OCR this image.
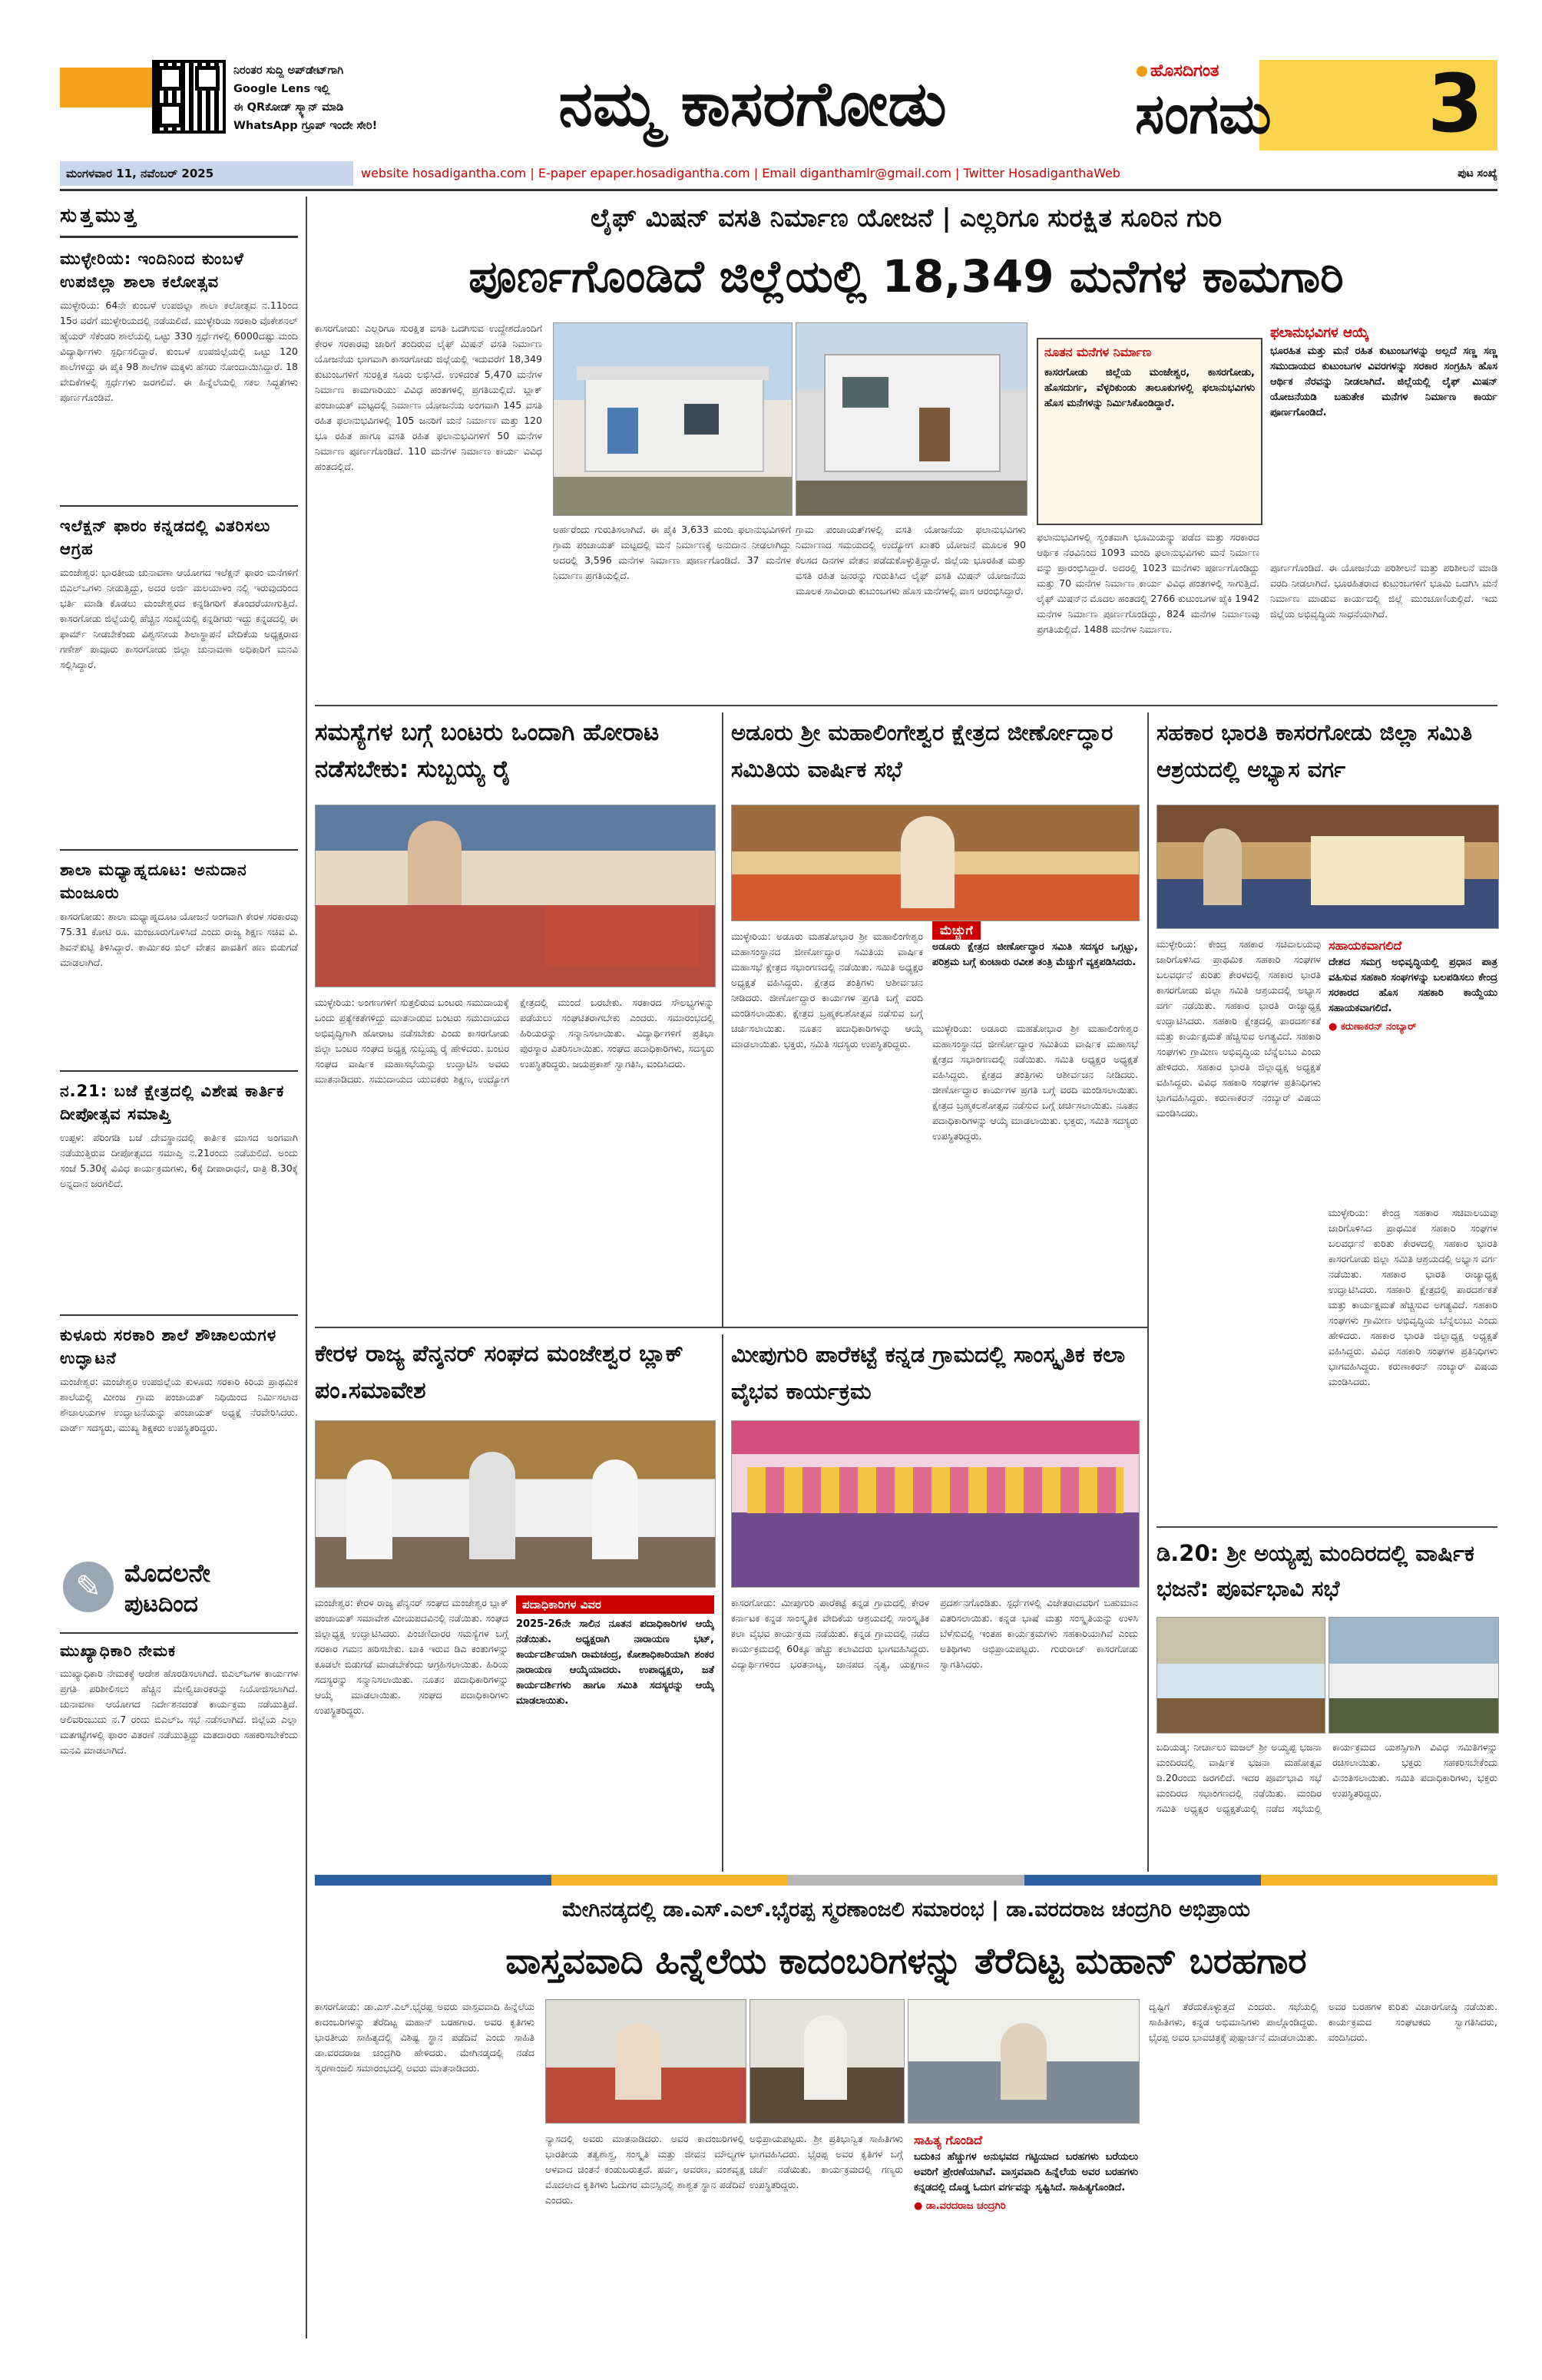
ನಿರಂತರ ಸುದ್ದಿ ಅಪ್‌ಡೇಟ್‌ಗಾಗಿ
Google Lens ಇಲ್ಲಿ
ಈ QRಕೋಡ್ ಸ್ಕ್ಯಾನ್ ಮಾಡಿ
WhatsApp ಗ್ರೂಪ್ ಇಂದೇ ಸೇರಿ!	ನಮ್ಮ ಕಾಸರಗೋಡು	ಹೊಸದಿಗಂತ
ಸಂಗಮ	3
ಮಂಗಳವಾರ 11, ನವೆಂಬರ್ 2025	website hosadigantha.com | E-paper epaper.hosadigantha.com | Email diganthamlr@gmail.com | Twitter HosadiganthaWeb	ಪುಟ ಸಂಖ್ಯೆ
ಸುತ್ತಮುತ್ತ
ಮುಳ್ಳೇರಿಯ: ಇಂದಿನಿಂದ ಕುಂಬಳೆ ಉಪಜಿಲ್ಲಾ ಶಾಲಾ ಕಲೋತ್ಸವ
ಮುಳ್ಳೇರಿಯ: 64ನೇ ಕುಂಬಳೆ ಉಪಜಿಲ್ಲಾ ಶಾಲಾ ಕಲೋತ್ಸವ ನ.11ರಿಂದ 15ರ ವರೆಗೆ ಮುಳ್ಳೇರಿಯದಲ್ಲಿ ನಡೆಯಲಿದೆ. ಮುಳ್ಳೇರಿಯ ಸರಕಾರಿ ವೊಕೇಶನಲ್ ಹೈಯರ್ ಸೆಕೆಂಡರಿ ಶಾಲೆಯಲ್ಲಿ ಒಟ್ಟು 330 ಸ್ಪರ್ಧೆಗಳಲ್ಲಿ 6000ದಷ್ಟು ಮಂದಿ ವಿದ್ಯಾರ್ಥಿಗಳು ಸ್ಪರ್ಧಿಸಲಿದ್ದಾರೆ. ಕುಂಬಳೆ ಉಪಜಿಲ್ಲೆಯಲ್ಲಿ ಒಟ್ಟು 120 ಶಾಲೆಗಳಿದ್ದು ಈ ಪೈಕಿ 98 ಶಾಲೆಗಳ ಮಕ್ಕಳು ಹೆಸರು ನೋಂದಾಯಿಸಿದ್ದಾರೆ. 18 ವೇದಿಕೆಗಳಲ್ಲಿ ಸ್ಪರ್ಧೆಗಳು ಜರಗಲಿವೆ. ಈ ಹಿನ್ನೆಲೆಯಲ್ಲಿ ಸಕಲ ಸಿದ್ಧತೆಗಳು ಪೂರ್ಣಗೊಂಡಿವೆ.
ಇಲೆಕ್ಷನ್ ಫಾರಂ ಕನ್ನಡದಲ್ಲಿ ವಿತರಿಸಲು ಆಗ್ರಹ
ಮಂಜೇಶ್ವರ: ಭಾರತೀಯ ಚುನಾವಣಾ ಆಯೋಗದ ಇಲೆಕ್ಷನ್ ಫಾರಂ ಮನೆಗಳಿಗೆ ಬಿಎಲ್‌ಒಗಳು ನೀಡುತ್ತಿದ್ದು, ಅದರ ಅರ್ಜಿ ಮಲಯಾಳಂ ನಲ್ಲಿ ಇರುವುದರಿಂದ ಭರ್ತಿ ಮಾಡಿ ಕೊಡಲು ಮಂಜೇಶ್ವರದ ಕನ್ನಡಿಗರಿಗೆ ತೊಂದರೆಯಾಗುತ್ತಿದೆ. ಕಾಸರಗೋಡು ಜಿಲ್ಲೆಯಲ್ಲಿ ಹೆಚ್ಚಿನ ಸಂಖ್ಯೆಯಲ್ಲಿ ಕನ್ನಡಿಗರು ಇದ್ದು ಕನ್ನಡದಲ್ಲಿ ಈ ಫಾರ್ಮ್ ನೀಡಬೇಕೆಂದು ವಿಶ್ವಸನೀಯ ಶಿಲಾಸ್ಥಾಪನೆ ವೇದಿಕೆಯ ಅಧ್ಯಕ್ಷರಾದ ಗಣೇಶ್ ಪಾವೂರು ಕಾಸರಗೋಡು ಜಿಲ್ಲಾ ಚುನಾವಣಾ ಅಧಿಕಾರಿಗೆ ಮನವಿ ಸಲ್ಲಿಸಿದ್ದಾರೆ.
ಶಾಲಾ ಮಧ್ಯಾಹ್ನದೂಟ: ಅನುದಾನ ಮಂಜೂರು
ಕಾಸರಗೋಡು: ಶಾಲಾ ಮಧ್ಯಾಹ್ನದೂಟ ಯೋಜನೆ ಅಂಗವಾಗಿ ಕೇರಳ ಸರಕಾರವು 75.31 ಕೋಟಿ ರೂ. ಮಂಜೂರುಗೊಳಿಸಿದೆ ಎಂದು ರಾಜ್ಯ ಶಿಕ್ಷಣ ಸಚಿವ ವಿ. ಶಿವನ್‌ಕುಟ್ಟಿ ತಿಳಿಸಿದ್ದಾರೆ. ಕಾರ್ಮಿಕರ ಬಿಲ್ ವೇತನ ಪಾವತಿಗೆ ಹಣ ಬಿಡುಗಡೆ ಮಾಡಲಾಗಿದೆ.
ನ.21: ಬಜೆ ಕ್ಷೇತ್ರದಲ್ಲಿ ವಿಶೇಷ ಕಾರ್ತಿಕ ದೀಪೋತ್ಸವ ಸಮಾಪ್ತಿ
ಉಪ್ಪಳ: ಪೆರಿಂಗಡಿ ಬಜೆ ದೇವಸ್ಥಾನದಲ್ಲಿ ಕಾರ್ತಿಕ ಮಾಸದ ಅಂಗವಾಗಿ ನಡೆಯುತ್ತಿರುವ ದೀಪೋತ್ಸವದ ಸಮಾಪ್ತಿ ನ.21ರಂದು ನಡೆಯಲಿದೆ. ಅಂದು ಸಂಜೆ 5.30ಕ್ಕೆ ವಿವಿಧ ಕಾರ್ಯಕ್ರಮಗಳು, 6ಕ್ಕೆ ದೀಪಾರಾಧನೆ, ರಾತ್ರಿ 8.30ಕ್ಕೆ ಅನ್ನದಾನ ಜರಗಲಿದೆ.
ಕುಳೂರು ಸರಕಾರಿ ಶಾಲೆ ಶೌಚಾಲಯಗಳ ಉದ್ಘಾಟನೆ
ಮಂಜೇಶ್ವರ: ಮಂಜೇಶ್ವರ ಉಪಜಿಲ್ಲೆಯ ಕುಳೂರು ಸರಕಾರಿ ಕಿರಿಯ ಪ್ರಾಥಮಿಕ ಶಾಲೆಯಲ್ಲಿ ಮೀಂಜ ಗ್ರಾಮ ಪಂಚಾಯತ್ ನಿಧಿಯಿಂದ ನಿರ್ಮಿಸಲಾದ ಶೌಚಾಲಯಗಳ ಉದ್ಘಾಟನೆಯನ್ನು ಪಂಚಾಯತ್ ಅಧ್ಯಕ್ಷೆ ನೆರವೇರಿಸಿದರು. ವಾರ್ಡ್ ಸದಸ್ಯರು, ಮುಖ್ಯ ಶಿಕ್ಷಕರು ಉಪಸ್ಥಿತರಿದ್ದರು.
✎ ಮೊದಲನೇ
ಪುಟದಿಂದ
ಮುಖ್ಯಾಧಿಕಾರಿ ನೇಮಕ
ಮುಖ್ಯಾಧಿಕಾರಿ ನೇಮಕಕ್ಕೆ ಆದೇಶ ಹೊರಡಿಸಲಾಗಿದೆ. ಬಿಎಲ್‌ಒಗಳ ಕಾರ್ಯಗಳ ಪ್ರಗತಿ ಪರಿಶೀಲಿಸಲು ಹೆಚ್ಚಿನ ಮೇಲ್ವಿಚಾರಕರನ್ನು ನಿಯೋಜಿಸಲಾಗಿದೆ. ಚುನಾವಣಾ ಆಯೋಗದ ನಿರ್ದೇಶನದಂತೆ ಕಾರ್ಯಕ್ರಮ ನಡೆಯುತ್ತಿದೆ. ಆಲಿವರಿಂಬುದು ನ.7 ರಂದು ಬಿಎಲ್‌ಒ ಸಭೆ ನಡೆಸಲಾಗಿದೆ. ಜಿಲ್ಲೆಯ ಎಲ್ಲಾ ಮತಗಟ್ಟೆಗಳಲ್ಲಿ ಫಾರಂ ವಿತರಣೆ ನಡೆಯುತ್ತಿದ್ದು ಮತದಾರರು ಸಹಕರಿಸಬೇಕೆಂದು ಮನವಿ ಮಾಡಲಾಗಿದೆ.
ಲೈಫ್ ಮಿಷನ್ ವಸತಿ ನಿರ್ಮಾಣ ಯೋಜನೆ | ಎಲ್ಲರಿಗೂ ಸುರಕ್ಷಿತ ಸೂರಿನ ಗುರಿ
ಪೂರ್ಣಗೊಂಡಿದೆ ಜಿಲ್ಲೆಯಲ್ಲಿ 18,349 ಮನೆಗಳ ಕಾಮಗಾರಿ
ಕಾಸರಗೋಡು: ಎಲ್ಲರಿಗೂ ಸುರಕ್ಷಿತ ವಸತಿ ಒದಗಿಸುವ ಉದ್ದೇಶದೊಂದಿಗೆ ಕೇರಳ ಸರಕಾರವು ಜಾರಿಗೆ ತಂದಿರುವ ಲೈಫ್ ಮಿಷನ್ ವಸತಿ ನಿರ್ಮಾಣ ಯೋಜನೆಯ ಭಾಗವಾಗಿ ಕಾಸರಗೋಡು ಜಿಲ್ಲೆಯಲ್ಲಿ ಇದುವರೆಗೆ 18,349 ಕುಟುಂಬಗಳಿಗೆ ಸುರಕ್ಷಿತ ಸೂರು ಲಭಿಸಿದೆ. ಉಳಿದಂತೆ 5,470 ಮನೆಗಳ ನಿರ್ಮಾಣ ಕಾಮಗಾರಿಯು ವಿವಿಧ ಹಂತಗಳಲ್ಲಿ ಪ್ರಗತಿಯಲ್ಲಿದೆ. ಬ್ಲಾಕ್ ಪಂಚಾಯತ್ ಮಟ್ಟದಲ್ಲಿ ನಿರ್ಮಾಣ ಯೋಜನೆಯ ಅಂಗವಾಗಿ 145 ವಸತಿ ರಹಿತ ಫಲಾನುಭವಿಗಳಲ್ಲಿ 105 ಜನರಿಗೆ ಮನೆ ನಿರ್ಮಾಣ ಮತ್ತು 120 ಭೂ ರಹಿತ ಹಾಗೂ ವಸತಿ ರಹಿತ ಫಲಾನುಭವಿಗಳಿಗೆ 50 ಮನೆಗಳ ನಿರ್ಮಾಣ ಪೂರ್ಣಗೊಂಡಿದೆ. 110 ಮನೆಗಳ ನಿರ್ಮಾಣ ಕಾರ್ಯ ವಿವಿಧ ಹಂತದಲ್ಲಿದೆ.
ಅರ್ಹರೆಂದು ಗುರುತಿಸಲಾಗಿದೆ. ಈ ಪೈಕಿ 3,633 ಮಂದಿ ಫಲಾನುಭವಿಗಳಿಗೆ ಗ್ರಾಮ ಪಂಚಾಯತ್ ಮಟ್ಟದಲ್ಲಿ ಮನೆ ನಿರ್ಮಾಣಕ್ಕೆ ಅನುದಾನ ನೀಡಲಾಗಿದ್ದು ಅದರಲ್ಲಿ 3,596 ಮನೆಗಳ ನಿರ್ಮಾಣ ಪೂರ್ಣಗೊಂಡಿದೆ. 37 ಮನೆಗಳ ನಿರ್ಮಾಣ ಪ್ರಗತಿಯಲ್ಲಿದೆ.
ಗ್ರಾಮ ಪಂಚಾಯತ್‌ಗಳಲ್ಲಿ ವಸತಿ ಯೋಜನೆಯ ಫಲಾನುಭವಿಗಳು ನಿರ್ಮಾಣದ ಸಮಯದಲ್ಲಿ ಉದ್ಯೋಗ ಖಾತರಿ ಯೋಜನೆ ಮೂಲಕ 90 ಕೆಲಸದ ದಿನಗಳ ವೇತನ ಪಡೆದುಕೊಳ್ಳುತ್ತಿದ್ದಾರೆ. ಜಿಲ್ಲೆಯ ಭೂರಹಿತ ಮತ್ತು ವಸತಿ ರಹಿತ ಜನರನ್ನು ಗುರುತಿಸಿದ ಲೈಫ್ ವಸತಿ ಮಿಷನ್ ಯೋಜನೆಯ ಮೂಲಕ ಸಾವಿರಾರು ಕುಟುಂಬಗಳು ಹೊಸ ಮನೆಗಳಲ್ಲಿ ವಾಸ ಆರಂಭಿಸಿದ್ದಾರೆ.
ನೂತನ ಮನೆಗಳ ನಿರ್ಮಾಣ
ಕಾಸರಗೋಡು ಜಿಲ್ಲೆಯ ಮಂಜೇಶ್ವರ, ಕಾಸರಗೋಡು, ಹೊಸದುರ್ಗ, ವೆಳ್ಳರಿಕುಂಡು ತಾಲೂಕುಗಳಲ್ಲಿ ಫಲಾನುಭವಿಗಳು ಹೊಸ ಮನೆಗಳನ್ನು ನಿರ್ಮಿಸಿಕೊಂಡಿದ್ದಾರೆ.
ಫಲಾನುಭವಿಗಳಲ್ಲಿ ಸ್ವಂತವಾಗಿ ಭೂಮಿಯನ್ನು ಪಡೆದ ಮತ್ತು ಸರಕಾರದ ಆರ್ಥಿಕ ನೆರವಿನಿಂದ 1093 ಮಂದಿ ಫಲಾನುಭವಿಗಳು ಮನೆ ನಿರ್ಮಾಣ ವನ್ನು ಪ್ರಾರಂಭಿಸಿದ್ದಾರೆ. ಅದರಲ್ಲಿ 1023 ಮನೆಗಳು ಪೂರ್ಣಗೊಂಡಿದ್ದು ಮತ್ತು 70 ಮನೆಗಳ ನಿರ್ಮಾಣ ಕಾರ್ಯ ವಿವಿಧ ಹಂತಗಳಲ್ಲಿ ಸಾಗುತ್ತಿದೆ. ಲೈಫ್ ಮಿಷನ್‌ನ ಮೊದಲ ಹಂತದಲ್ಲಿ 2766 ಕುಟುಂಬಗಳ ಪೈಕಿ 1942 ಮನೆಗಳ ನಿರ್ಮಾಣ ಪೂರ್ಣಗೊಂಡಿದ್ದು, 824 ಮನೆಗಳ ನಿರ್ಮಾಣವು ಪ್ರಗತಿಯಲ್ಲಿದೆ. 1488 ಮನೆಗಳ ನಿರ್ಮಾಣ.
ಫಲಾನುಭವಿಗಳ ಆಯ್ಕೆ
ಭೂರಹಿತ ಮತ್ತು ಮನೆ ರಹಿತ ಕುಟುಂಬಗಳನ್ನು ಅಲ್ಲದೆ ಸಣ್ಣ ಸಣ್ಣ ಸಮುದಾಯದ ಕುಟುಂಬಗಳ ವಿವರಗಳನ್ನು ಸರಕಾರ ಸಂಗ್ರಹಿಸಿ ಹೊಸ ಆರ್ಥಿಕ ನೆರವನ್ನು ನೀಡಲಾಗಿದೆ. ಜಿಲ್ಲೆಯಲ್ಲಿ ಲೈಫ್ ಮಿಷನ್ ಯೋಜನೆಯಡಿ ಬಹುತೇಕ ಮನೆಗಳ ನಿರ್ಮಾಣ ಕಾರ್ಯ ಪೂರ್ಣಗೊಂಡಿದೆ.
ಪೂರ್ಣಗೊಂಡಿದೆ. ಈ ಯೋಜನೆಯ ಪರಿಶೀಲನೆ ಮತ್ತು ಪರಿಶೀಲನೆ ಮಾಡಿ ವರದಿ ನೀಡಲಾಗಿದೆ. ಭೂರಹಿತರಾದ ಕುಟುಂಬಗಳಿಗೆ ಭೂಮಿ ಒದಗಿಸಿ ಮನೆ ನಿರ್ಮಾಣ ಮಾಡುವ ಕಾರ್ಯದಲ್ಲಿ ಜಿಲ್ಲೆ ಮುಂಚೂಣಿಯಲ್ಲಿದೆ. ಇದು ಜಿಲ್ಲೆಯ ಅಭಿವೃದ್ಧಿಯ ಸಾಧನೆಯಾಗಿದೆ.
ಸಮಸ್ಯೆಗಳ ಬಗ್ಗೆ ಬಂಟರು ಒಂದಾಗಿ ಹೋರಾಟ ನಡೆಸಬೇಕು: ಸುಬ್ಬಯ್ಯ ರೈ
ಮುಳ್ಳೇರಿಯ: ಅಂಗಣಗಳಿಗೆ ಸುತ್ತಲಿರುವ ಬಂಟರು ಸಮುದಾಯಕ್ಕೆ ಒಂದು ಪ್ರತ್ಯೇಕತೆಗಳಿದ್ದು ಮಾತನಾಡುವ ಬಂಟರು ಸಮುದಾಯದ ಅಭಿವೃದ್ಧಿಗಾಗಿ ಹೋರಾಟ ನಡೆಸಬೇಕು ಎಂದು ಕಾಸರಗೋಡು ಜಿಲ್ಲಾ ಬಂಟರ ಸಂಘದ ಅಧ್ಯಕ್ಷ ಸುಬ್ಬಯ್ಯ ರೈ ಹೇಳಿದರು. ಬಂಟರ ಸಂಘದ ವಾರ್ಷಿಕ ಮಹಾಸಭೆಯನ್ನು ಉದ್ಘಾಟಿಸಿ ಅವರು ಮಾತನಾಡಿದರು. ಸಮುದಾಯದ ಯುವಕರು ಶಿಕ್ಷಣ, ಉದ್ಯೋಗ ಕ್ಷೇತ್ರದಲ್ಲಿ ಮುಂದೆ ಬರಬೇಕು. ಸರಕಾರದ ಸೌಲಭ್ಯಗಳನ್ನು ಪಡೆಯಲು ಸಂಘಟಿತರಾಗಬೇಕು ಎಂದರು. ಸಮಾರಂಭದಲ್ಲಿ ಹಿರಿಯರನ್ನು ಸನ್ಮಾನಿಸಲಾಯಿತು. ವಿದ್ಯಾರ್ಥಿಗಳಿಗೆ ಪ್ರತಿಭಾ ಪುರಸ್ಕಾರ ವಿತರಿಸಲಾಯಿತು. ಸಂಘದ ಪದಾಧಿಕಾರಿಗಳು, ಸದಸ್ಯರು ಉಪಸ್ಥಿತರಿದ್ದರು. ಜಯಪ್ರಕಾಶ್ ಸ್ವಾಗತಿಸಿ, ವಂದಿಸಿದರು.
ಅಡೂರು ಶ್ರೀ ಮಹಾಲಿಂಗೇಶ್ವರ ಕ್ಷೇತ್ರದ ಜೀರ್ಣೋದ್ಧಾರ ಸಮಿತಿಯ ವಾರ್ಷಿಕ ಸಭೆ
ಮುಳ್ಳೇರಿಯ: ಅಡೂರು ಮಹತೋಭಾರ ಶ್ರೀ ಮಹಾಲಿಂಗೇಶ್ವರ ಮಹಾಸಂಸ್ಥಾನದ ಜೀರ್ಣೋದ್ಧಾರ ಸಮಿತಿಯ ವಾರ್ಷಿಕ ಮಹಾಸಭೆ ಕ್ಷೇತ್ರದ ಸಭಾಂಗಣದಲ್ಲಿ ನಡೆಯಿತು. ಸಮಿತಿ ಅಧ್ಯಕ್ಷರ ಅಧ್ಯಕ್ಷತೆ ವಹಿಸಿದ್ದರು. ಕ್ಷೇತ್ರದ ತಂತ್ರಿಗಳು ಆಶೀರ್ವಚನ ನೀಡಿದರು. ಜೀರ್ಣೋದ್ಧಾರ ಕಾರ್ಯಗಳ ಪ್ರಗತಿ ಬಗ್ಗೆ ವರದಿ ಮಂಡಿಸಲಾಯಿತು. ಕ್ಷೇತ್ರದ ಬ್ರಹ್ಮಕಲಶೋತ್ಸವ ನಡೆಸುವ ಬಗ್ಗೆ ಚರ್ಚಿಸಲಾಯಿತು. ನೂತನ ಪದಾಧಿಕಾರಿಗಳನ್ನು ಆಯ್ಕೆ ಮಾಡಲಾಯಿತು. ಭಕ್ತರು, ಸಮಿತಿ ಸದಸ್ಯರು ಉಪಸ್ಥಿತರಿದ್ದರು.
ಮೆಚ್ಚುಗೆ
ಅಡೂರು ಕ್ಷೇತ್ರದ ಜೀರ್ಣೋದ್ಧಾರ ಸಮಿತಿ ಸದಸ್ಯರ ಒಗ್ಗಟ್ಟು, ಪರಿಶ್ರಮ ಬಗ್ಗೆ ಕುಂಟಾರು ರವೀಶ ತಂತ್ರಿ ಮೆಚ್ಚುಗೆ ವ್ಯಕ್ತಪಡಿಸಿದರು.
ಮುಳ್ಳೇರಿಯ: ಅಡೂರು ಮಹತೋಭಾರ ಶ್ರೀ ಮಹಾಲಿಂಗೇಶ್ವರ ಮಹಾಸಂಸ್ಥಾನದ ಜೀರ್ಣೋದ್ಧಾರ ಸಮಿತಿಯ ವಾರ್ಷಿಕ ಮಹಾಸಭೆ ಕ್ಷೇತ್ರದ ಸಭಾಂಗಣದಲ್ಲಿ ನಡೆಯಿತು. ಸಮಿತಿ ಅಧ್ಯಕ್ಷರ ಅಧ್ಯಕ್ಷತೆ ವಹಿಸಿದ್ದರು. ಕ್ಷೇತ್ರದ ತಂತ್ರಿಗಳು ಆಶೀರ್ವಚನ ನೀಡಿದರು. ಜೀರ್ಣೋದ್ಧಾರ ಕಾರ್ಯಗಳ ಪ್ರಗತಿ ಬಗ್ಗೆ ವರದಿ ಮಂಡಿಸಲಾಯಿತು. ಕ್ಷೇತ್ರದ ಬ್ರಹ್ಮಕಲಶೋತ್ಸವ ನಡೆಸುವ ಬಗ್ಗೆ ಚರ್ಚಿಸಲಾಯಿತು. ನೂತನ ಪದಾಧಿಕಾರಿಗಳನ್ನು ಆಯ್ಕೆ ಮಾಡಲಾಯಿತು. ಭಕ್ತರು, ಸಮಿತಿ ಸದಸ್ಯರು ಉಪಸ್ಥಿತರಿದ್ದರು.
ಸಹಕಾರ ಭಾರತಿ ಕಾಸರಗೋಡು ಜಿಲ್ಲಾ ಸಮಿತಿ ಆಶ್ರಯದಲ್ಲಿ ಅಭ್ಯಾಸ ವರ್ಗ
ಮುಳ್ಳೇರಿಯ: ಕೇಂದ್ರ ಸಹಕಾರ ಸಚಿವಾಲಯವು ಜಾರಿಗೊಳಿಸಿದ ಪ್ರಾಥಮಿಕ ಸಹಕಾರಿ ಸಂಘಗಳ ಬಲವರ್ಧನೆ ಕುರಿತು ಕೇರಳದಲ್ಲಿ ಸಹಕಾರ ಭಾರತಿ ಕಾಸರಗೋಡು ಜಿಲ್ಲಾ ಸಮಿತಿ ಆಶ್ರಯದಲ್ಲಿ ಅಭ್ಯಾಸ ವರ್ಗ ನಡೆಯಿತು. ಸಹಕಾರ ಭಾರತಿ ರಾಜ್ಯಾಧ್ಯಕ್ಷ ಉದ್ಘಾಟಿಸಿದರು. ಸಹಕಾರಿ ಕ್ಷೇತ್ರದಲ್ಲಿ ಪಾರದರ್ಶಕತೆ ಮತ್ತು ಕಾರ್ಯಕ್ಷಮತೆ ಹೆಚ್ಚಿಸುವ ಅಗತ್ಯವಿದೆ. ಸಹಕಾರಿ ಸಂಘಗಳು ಗ್ರಾಮೀಣ ಅಭಿವೃದ್ಧಿಯ ಬೆನ್ನೆಲುಬು ಎಂದು ಹೇಳಿದರು. ಸಹಕಾರ ಭಾರತಿ ಜಿಲ್ಲಾಧ್ಯಕ್ಷ ಅಧ್ಯಕ್ಷತೆ ವಹಿಸಿದ್ದರು. ವಿವಿಧ ಸಹಕಾರಿ ಸಂಘಗಳ ಪ್ರತಿನಿಧಿಗಳು ಭಾಗವಹಿಸಿದ್ದರು. ಕರುಣಾಕರನ್ ನಂಬ್ಯಾರ್ ವಿಷಯ ಮಂಡಿಸಿದರು.
ಸಹಾಯಕವಾಗಲಿದೆ
ದೇಶದ ಸಮಗ್ರ ಅಭಿವೃದ್ಧಿಯಲ್ಲಿ ಪ್ರಧಾನ ಪಾತ್ರ ವಹಿಸುವ ಸಹಕಾರಿ ಸಂಘಗಳನ್ನು ಬಲಪಡಿಸಲು ಕೇಂದ್ರ ಸರಕಾರದ ಹೊಸ ಸಹಕಾರಿ ಕಾಯ್ದೆಯು ಸಹಾಯಕವಾಗಲಿದೆ.
● ಕರುಣಾಕರನ್ ನಂಬ್ಯಾರ್
ಮುಳ್ಳೇರಿಯ: ಕೇಂದ್ರ ಸಹಕಾರ ಸಚಿವಾಲಯವು ಜಾರಿಗೊಳಿಸಿದ ಪ್ರಾಥಮಿಕ ಸಹಕಾರಿ ಸಂಘಗಳ ಬಲವರ್ಧನೆ ಕುರಿತು ಕೇರಳದಲ್ಲಿ ಸಹಕಾರ ಭಾರತಿ ಕಾಸರಗೋಡು ಜಿಲ್ಲಾ ಸಮಿತಿ ಆಶ್ರಯದಲ್ಲಿ ಅಭ್ಯಾಸ ವರ್ಗ ನಡೆಯಿತು. ಸಹಕಾರ ಭಾರತಿ ರಾಜ್ಯಾಧ್ಯಕ್ಷ ಉದ್ಘಾಟಿಸಿದರು. ಸಹಕಾರಿ ಕ್ಷೇತ್ರದಲ್ಲಿ ಪಾರದರ್ಶಕತೆ ಮತ್ತು ಕಾರ್ಯಕ್ಷಮತೆ ಹೆಚ್ಚಿಸುವ ಅಗತ್ಯವಿದೆ. ಸಹಕಾರಿ ಸಂಘಗಳು ಗ್ರಾಮೀಣ ಅಭಿವೃದ್ಧಿಯ ಬೆನ್ನೆಲುಬು ಎಂದು ಹೇಳಿದರು. ಸಹಕಾರ ಭಾರತಿ ಜಿಲ್ಲಾಧ್ಯಕ್ಷ ಅಧ್ಯಕ್ಷತೆ ವಹಿಸಿದ್ದರು. ವಿವಿಧ ಸಹಕಾರಿ ಸಂಘಗಳ ಪ್ರತಿನಿಧಿಗಳು ಭಾಗವಹಿಸಿದ್ದರು. ಕರುಣಾಕರನ್ ನಂಬ್ಯಾರ್ ವಿಷಯ ಮಂಡಿಸಿದರು.
ಕೇರಳ ರಾಜ್ಯ ಪೆನ್ಶನರ್ ಸಂಘದ ಮಂಜೇಶ್ವರ ಬ್ಲಾಕ್ ಪಂ.ಸಮಾವೇಶ
ಮಂಜೇಶ್ವರ: ಕೇರಳ ರಾಜ್ಯ ಪೆನ್ಶನರ್ ಸಂಘದ ಮಂಜೇಶ್ವರ ಬ್ಲಾಕ್ ಪಂಚಾಯತ್ ಸಮಾವೇಶ ಮೀಯಪದವಿನಲ್ಲಿ ನಡೆಯಿತು. ಸಂಘದ ಜಿಲ್ಲಾಧ್ಯಕ್ಷ ಉದ್ಘಾಟಿಸಿದರು. ಪಿಂಚಣಿದಾರರ ಸಮಸ್ಯೆಗಳ ಬಗ್ಗೆ ಸರಕಾರ ಗಮನ ಹರಿಸಬೇಕು. ಬಾಕಿ ಇರುವ ಡಿಎ ಕಂತುಗಳನ್ನು ಕೂಡಲೇ ಬಿಡುಗಡೆ ಮಾಡಬೇಕೆಂದು ಆಗ್ರಹಿಸಲಾಯಿತು. ಹಿರಿಯ ಸದಸ್ಯರನ್ನು ಸನ್ಮಾನಿಸಲಾಯಿತು. ನೂತನ ಪದಾಧಿಕಾರಿಗಳನ್ನು ಆಯ್ಕೆ ಮಾಡಲಾಯಿತು. ಸಂಘದ ಪದಾಧಿಕಾರಿಗಳು ಉಪಸ್ಥಿತರಿದ್ದರು.
ಪದಾಧಿಕಾರಿಗಳ ವಿವರ
2025-26ನೇ ಸಾಲಿನ ನೂತನ ಪದಾಧಿಕಾರಿಗಳ ಆಯ್ಕೆ ನಡೆಯಿತು. ಅಧ್ಯಕ್ಷರಾಗಿ ನಾರಾಯಣ ಭಟ್, ಕಾರ್ಯದರ್ಶಿಯಾಗಿ ರಾಮಚಂದ್ರ, ಕೋಶಾಧಿಕಾರಿಯಾಗಿ ಶಂಕರ ನಾರಾಯಣ ಆಯ್ಕೆಯಾದರು. ಉಪಾಧ್ಯಕ್ಷರು, ಜತೆ ಕಾರ್ಯದರ್ಶಿಗಳು ಹಾಗೂ ಸಮಿತಿ ಸದಸ್ಯರನ್ನು ಆಯ್ಕೆ ಮಾಡಲಾಯಿತು.
ಮೀಪುಗುರಿ ಪಾರೆಕಟ್ಟೆ ಕನ್ನಡ ಗ್ರಾಮದಲ್ಲಿ ಸಾಂಸ್ಕೃತಿಕ ಕಲಾ ವೈಭವ ಕಾರ್ಯಕ್ರಮ
ಕಾಸರಗೋಡು: ಮೀಪುಗುರಿ ಪಾರೆಕಟ್ಟೆ ಕನ್ನಡ ಗ್ರಾಮದಲ್ಲಿ ಕೇರಳ ಕರ್ನಾಟಕ ಕನ್ನಡ ಸಾಂಸ್ಕೃತಿಕ ವೇದಿಕೆಯ ಆಶ್ರಯದಲ್ಲಿ ಸಾಂಸ್ಕೃತಿಕ ಕಲಾ ವೈಭವ ಕಾರ್ಯಕ್ರಮ ನಡೆಯಿತು. ಕನ್ನಡ ಗ್ರಾಮದಲ್ಲಿ ನಡೆದ ಕಾರ್ಯಕ್ರಮದಲ್ಲಿ 60ಕ್ಕೂ ಹೆಚ್ಚು ಕಲಾವಿದರು ಭಾಗವಹಿಸಿದ್ದರು. ವಿದ್ಯಾರ್ಥಿಗಳಿಂದ ಭರತನಾಟ್ಯ, ಜಾನಪದ ನೃತ್ಯ, ಯಕ್ಷಗಾನ ಪ್ರದರ್ಶನಗೊಂಡಿತು. ಸ್ಪರ್ಧೆಗಳಲ್ಲಿ ವಿಜೇತರಾದವರಿಗೆ ಬಹುಮಾನ ವಿತರಿಸಲಾಯಿತು. ಕನ್ನಡ ಭಾಷೆ ಮತ್ತು ಸಂಸ್ಕೃತಿಯನ್ನು ಉಳಿಸಿ ಬೆಳೆಸುವಲ್ಲಿ ಇಂತಹ ಕಾರ್ಯಕ್ರಮಗಳು ಸಹಕಾರಿಯಾಗಿವೆ ಎಂದು ಅತಿಥಿಗಳು ಅಭಿಪ್ರಾಯಪಟ್ಟರು. ಗುರುರಾಜ್ ಕಾಸರಗೋಡು ಸ್ವಾಗತಿಸಿದರು.
ಡಿ.20: ಶ್ರೀ ಅಯ್ಯಪ್ಪ ಮಂದಿರದಲ್ಲಿ ವಾರ್ಷಿಕ ಭಜನೆ: ಪೂರ್ವಭಾವಿ ಸಭೆ
ಬದಿಯಡ್ಕ: ನೀರ್ಚಾಲು ಮಜಲ್ ಶ್ರೀ ಅಯ್ಯಪ್ಪ ಭಜನಾ ಮಂದಿರದಲ್ಲಿ ವಾರ್ಷಿಕ ಭಜನಾ ಮಹೋತ್ಸವ ಡಿ.20ರಂದು ಜರಗಲಿದೆ. ಇದರ ಪೂರ್ವಭಾವಿ ಸಭೆ ಮಂದಿರದ ಸಭಾಂಗಣದಲ್ಲಿ ನಡೆಯಿತು. ಮಂದಿರ ಸಮಿತಿ ಅಧ್ಯಕ್ಷರ ಅಧ್ಯಕ್ಷತೆಯಲ್ಲಿ ನಡೆದ ಸಭೆಯಲ್ಲಿ ಕಾರ್ಯಕ್ರಮದ ಯಶಸ್ಸಿಗಾಗಿ ವಿವಿಧ ಸಮಿತಿಗಳನ್ನು ರಚಿಸಲಾಯಿತು. ಭಕ್ತರು ಸಹಕರಿಸಬೇಕೆಂದು ವಿನಂತಿಸಲಾಯಿತು. ಸಮಿತಿ ಪದಾಧಿಕಾರಿಗಳು, ಭಕ್ತರು ಉಪಸ್ಥಿತರಿದ್ದರು.
ಮೇಗಿನಡ್ಕದಲ್ಲಿ ಡಾ.ಎಸ್.ಎಲ್.ಭೈರಪ್ಪ ಸ್ಮರಣಾಂಜಲಿ ಸಮಾರಂಭ | ಡಾ.ವರದರಾಜ ಚಂದ್ರಗಿರಿ ಅಭಿಪ್ರಾಯ
ವಾಸ್ತವವಾದಿ ಹಿನ್ನೆಲೆಯ ಕಾದಂಬರಿಗಳನ್ನು ತೆರೆದಿಟ್ಟ ಮಹಾನ್ ಬರಹಗಾರ
ಕಾಸರಗೋಡು: ಡಾ.ಎಸ್.ಎಲ್.ಭೈರಪ್ಪ ಅವರು ವಾಸ್ತವವಾದಿ ಹಿನ್ನೆಲೆಯ ಕಾದಂಬರಿಗಳನ್ನು ತೆರೆದಿಟ್ಟ ಮಹಾನ್ ಬರಹಗಾರ. ಅವರ ಕೃತಿಗಳು ಭಾರತೀಯ ಸಾಹಿತ್ಯದಲ್ಲಿ ವಿಶಿಷ್ಟ ಸ್ಥಾನ ಪಡೆದಿವೆ ಎಂದು ಸಾಹಿತಿ ಡಾ.ವರದರಾಜ ಚಂದ್ರಗಿರಿ ಹೇಳಿದರು. ಮೇಗಿನಡ್ಕದಲ್ಲಿ ನಡೆದ ಸ್ಮರಣಾಂಜಲಿ ಸಮಾರಂಭದಲ್ಲಿ ಅವರು ಮಾತನಾಡಿದರು.
ನ್ಯಾಸದಲ್ಲಿ ಅವರು ಮಾತನಾಡಿದರು. ಅವರ ಕಾದಂಬರಿಗಳಲ್ಲಿ ಭಾರತೀಯ ತತ್ವಶಾಸ್ತ್ರ, ಸಂಸ್ಕೃತಿ ಮತ್ತು ಜೀವನ ಮೌಲ್ಯಗಳ ಆಳವಾದ ಚಿಂತನೆ ಕಂಡುಬರುತ್ತದೆ. ಪರ್ವ, ಆವರಣ, ವಂಶವೃಕ್ಷ ಮೊದಲಾದ ಕೃತಿಗಳು ಓದುಗರ ಮನಸ್ಸಿನಲ್ಲಿ ಶಾಶ್ವತ ಸ್ಥಾನ ಪಡೆದಿವೆ ಎಂದರು.
ಅಭಿಪ್ರಾಯಪಟ್ಟರು. ಶ್ರೀ ಪ್ರತಿಭಾನ್ವಿತ ಸಾಹಿತಿಗಳು ಭಾಗವಹಿಸಿದರು. ಭೈರಪ್ಪ ಅವರ ಕೃತಿಗಳ ಬಗ್ಗೆ ಚರ್ಚೆ ನಡೆಯಿತು. ಕಾರ್ಯಕ್ರಮದಲ್ಲಿ ಗಣ್ಯರು ಉಪಸ್ಥಿತರಿದ್ದರು.
ಸಾಹಿತ್ಯ ಗೊಂಡಿದೆ
ಬದುಕಿನ ಹೆಚ್ಚುಗಳ ಅನುಭವದ ಗಟ್ಟಿಯಾದ ಬರಹಗಳು ಬರೆಯಲು ಅವರಿಗೆ ಪ್ರೇರಣೆಯಾಗಿವೆ. ವಾಸ್ತವವಾದಿ ಹಿನ್ನೆಲೆಯ ಅವರ ಬರಹಗಳು ಕನ್ನಡದಲ್ಲಿ ದೊಡ್ಡ ಓದುಗ ವರ್ಗವನ್ನು ಸೃಷ್ಟಿಸಿದೆ. ಸಾಹಿತ್ಯಗೊಂಡಿದೆ.
● ಡಾ.ವರದರಾಜ ಚಂದ್ರಗಿರಿ
ದೃಷ್ಟಿಗೆ ತೆರೆದುಕೊಳ್ಳುತ್ತದೆ ಎಂದರು. ಸಭೆಯಲ್ಲಿ ಸಾಹಿತಿಗಳು, ಕನ್ನಡ ಅಭಿಮಾನಿಗಳು ಪಾಲ್ಗೊಂಡಿದ್ದರು. ಭೈರಪ್ಪ ಅವರ ಭಾವಚಿತ್ರಕ್ಕೆ ಪುಷ್ಪಾರ್ಚನೆ ಮಾಡಲಾಯಿತು. ಅವರ ಬರಹಗಳ ಕುರಿತು ವಿಚಾರಗೋಷ್ಠಿ ನಡೆಯಿತು. ಕಾರ್ಯಕ್ರಮದ ಸಂಘಟಕರು ಸ್ವಾಗತಿಸಿದರು, ವಂದಿಸಿದರು.
